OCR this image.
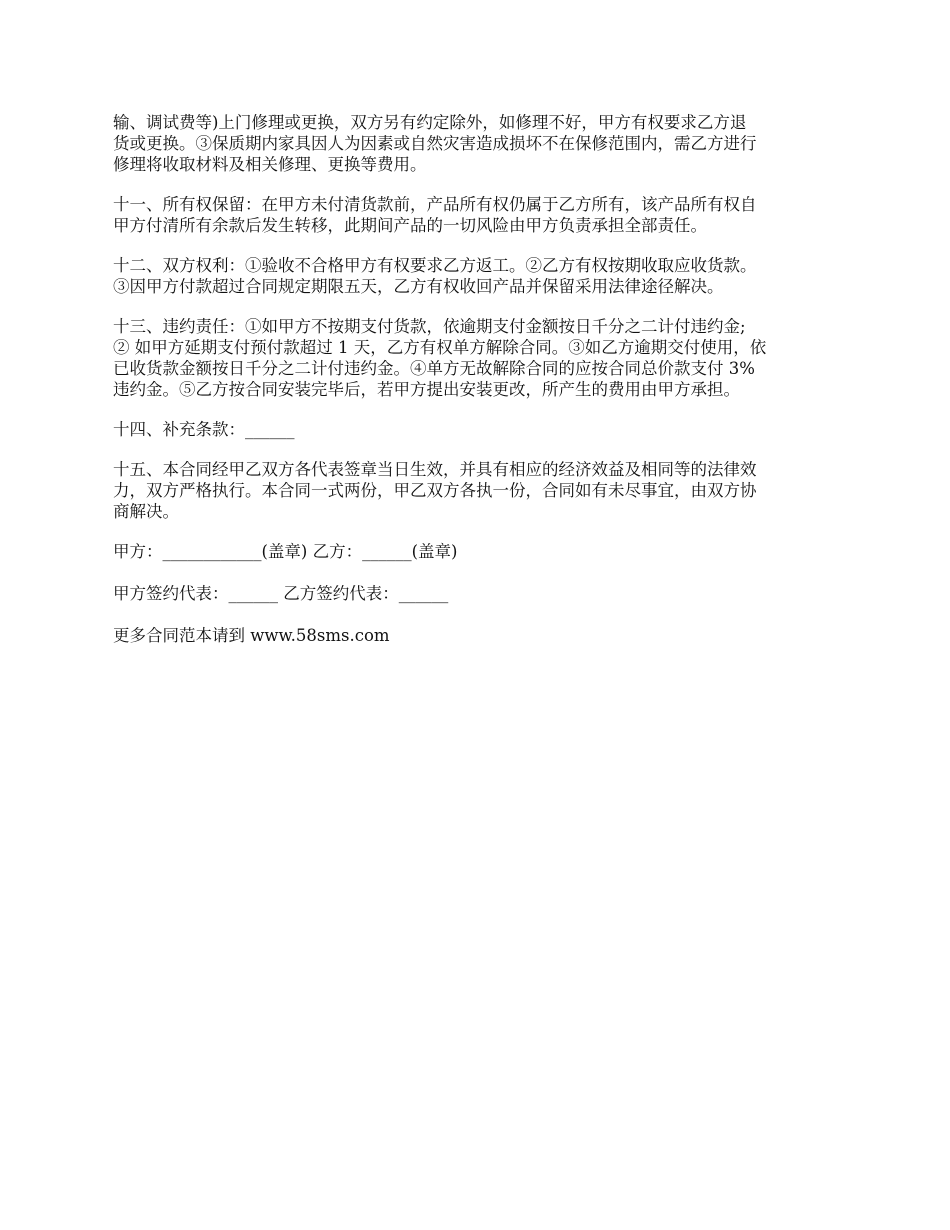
输、调试费等)上门修理或更换，双方另有约定除外，如修理不好，甲方有权要求乙方退
货或更换。③保质期内家具因人为因素或自然灾害造成损坏不在保修范围内，需乙方进行
修理将收取材料及相关修理、更换等费用。

十一、所有权保留：在甲方未付清货款前，产品所有权仍属于乙方所有，该产品所有权自
甲方付清所有余款后发生转移，此期间产品的一切风险由甲方负责承担全部责任。

十二、双方权利：①验收不合格甲方有权要求乙方返工。②乙方有权按期收取应收货款。
③因甲方付款超过合同规定期限五天，乙方有权收回产品并保留采用法律途径解决。

十三、违约责任：①如甲方不按期支付货款，依逾期支付金额按日千分之二计付违约金;
② 如甲方延期支付预付款超过 1 天，乙方有权单方解除合同。③如乙方逾期交付使用，依
已收货款金额按日千分之二计付违约金。④单方无故解除合同的应按合同总价款支付 3%
违约金。⑤乙方按合同安装完毕后，若甲方提出安装更改，所产生的费用由甲方承担。

十四、补充条款：______

十五、本合同经甲乙双方各代表签章当日生效，并具有相应的经济效益及相同等的法律效
力，双方严格执行。本合同一式两份，甲乙双方各执一份，合同如有未尽事宜，由双方协
商解决。

甲方：____________(盖章) 乙方：______(盖章)

甲方签约代表：______ 乙方签约代表：______

更多合同范本请到 www.58sms.com
